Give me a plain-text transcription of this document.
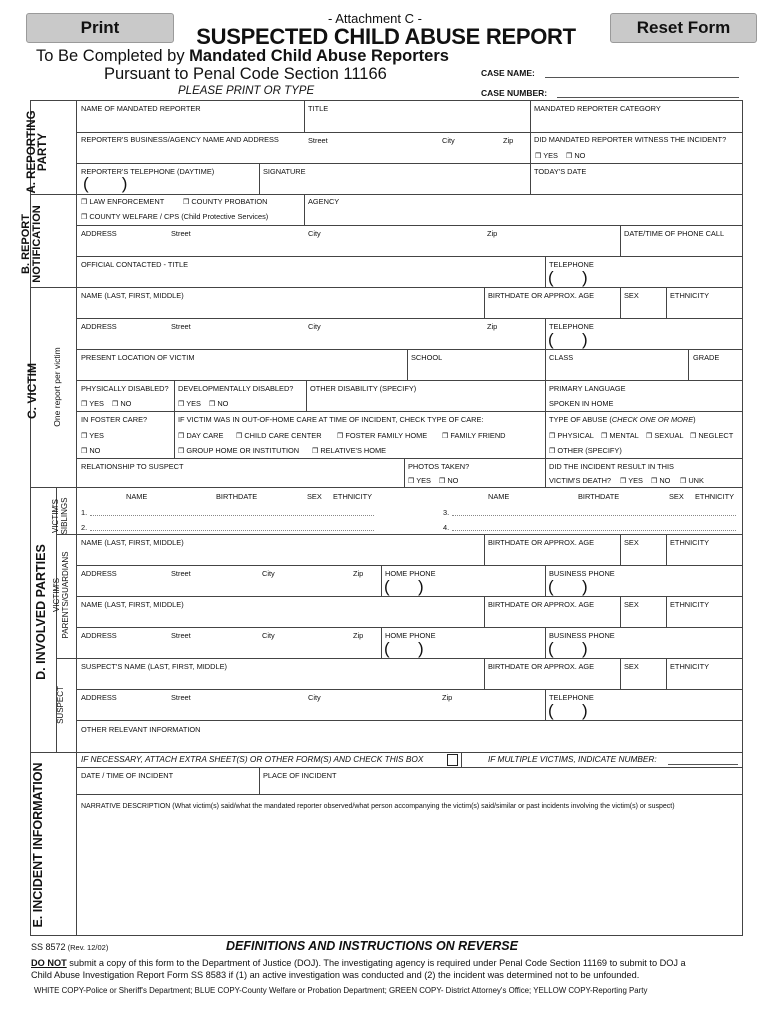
Print	Reset Form
- Attachment C -
SUSPECTED CHILD ABUSE REPORT
To Be Completed by Mandated Child Abuse Reporters
Pursuant to Penal Code Section 11166
PLEASE PRINT OR TYPE
CASE NAME:
CASE NUMBER:
A. REPORTING PARTY
B. REPORT NOTIFICATION
C. VICTIM One report per victim
D. INVOLVED PARTIES
E. INCIDENT INFORMATION
VICTIM'S SIBLINGS
VICTIM'S PARENTS/GUARDIANS
SUSPECT
NAME OF MANDATED REPORTER	TITLE	MANDATED REPORTER CATEGORY
REPORTER'S BUSINESS/AGENCY NAME AND ADDRESS	Street	City	Zip	DID MANDATED REPORTER WITNESS THE INCIDENT?
❒ YES ❒ NO
REPORTER'S TELEPHONE (DAYTIME)
( )
SIGNATURE	TODAY'S DATE
❒ LAW ENFORCEMENT	❒ COUNTY PROBATION	AGENCY
❒ COUNTY WELFARE / CPS (Child Protective Services)
ADDRESS	Street	City	Zip	DATE/TIME OF PHONE CALL
OFFICIAL CONTACTED - TITLE	TELEPHONE
( )
NAME (LAST, FIRST, MIDDLE)	BIRTHDATE OR APPROX. AGE	SEX	ETHNICITY
ADDRESS	Street	City	Zip	TELEPHONE
( )
PRESENT LOCATION OF VICTIM	SCHOOL	CLASS	GRADE
PHYSICALLY DISABLED?
❒ YES ❒ NO
DEVELOPMENTALLY DISABLED?
❒ YES ❒ NO
OTHER DISABILITY (SPECIFY)	PRIMARY LANGUAGE
SPOKEN IN HOME
IN FOSTER CARE?
❒ YES
❒ NO
IF VICTIM WAS IN OUT-OF-HOME CARE AT TIME OF INCIDENT, CHECK TYPE OF CARE:
❒ DAY CARE ❒ CHILD CARE CENTER ❒ FOSTER FAMILY HOME ❒ FAMILY FRIEND
❒ GROUP HOME OR INSTITUTION ❒ RELATIVE'S HOME
TYPE OF ABUSE (CHECK ONE OR MORE)
❒ PHYSICAL ❒ MENTAL ❒ SEXUAL ❒ NEGLECT
❒ OTHER (SPECIFY)
RELATIONSHIP TO SUSPECT	PHOTOS TAKEN?
❒ YES ❒ NO
DID THE INCIDENT RESULT IN THIS
VICTIM'S DEATH? ❒ YES ❒ NO ❒ UNK
NAME	BIRTHDATE	SEX ETHNICITY	NAME	BIRTHDATE	SEX ETHNICITY
1.
2.
3.
4.
NAME (LAST, FIRST, MIDDLE)	BIRTHDATE OR APPROX. AGE	SEX	ETHNICITY
ADDRESS	Street	City	Zip	HOME PHONE
( )
BUSINESS PHONE
( )
NAME (LAST, FIRST, MIDDLE)	BIRTHDATE OR APPROX. AGE	SEX	ETHNICITY
ADDRESS	Street	City	Zip	HOME PHONE
( )
BUSINESS PHONE
( )
SUSPECT'S NAME (LAST, FIRST, MIDDLE)	BIRTHDATE OR APPROX. AGE	SEX	ETHNICITY
ADDRESS	Street	City	Zip	TELEPHONE
( )
OTHER RELEVANT INFORMATION
IF NECESSARY, ATTACH EXTRA SHEET(S) OR OTHER FORM(S) AND CHECK THIS BOX	IF MULTIPLE VICTIMS, INDICATE NUMBER:
DATE / TIME OF INCIDENT	PLACE OF INCIDENT
NARRATIVE DESCRIPTION (What victim(s) said/what the mandated reporter observed/what person accompanying the victim(s) said/similar or past incidents involving the victim(s) or suspect)
SS 8572 (Rev. 12/02)	DEFINITIONS AND INSTRUCTIONS ON REVERSE
DO NOT submit a copy of this form to the Department of Justice (DOJ). The investigating agency is required under Penal Code Section 11169 to submit to DOJ a
Child Abuse Investigation Report Form SS 8583 if (1) an active investigation was conducted and (2) the incident was determined not to be unfounded.
WHITE COPY-Police or Sheriff's Department; BLUE COPY-County Welfare or Probation Department; GREEN COPY- District Attorney's Office; YELLOW COPY-Reporting Party
